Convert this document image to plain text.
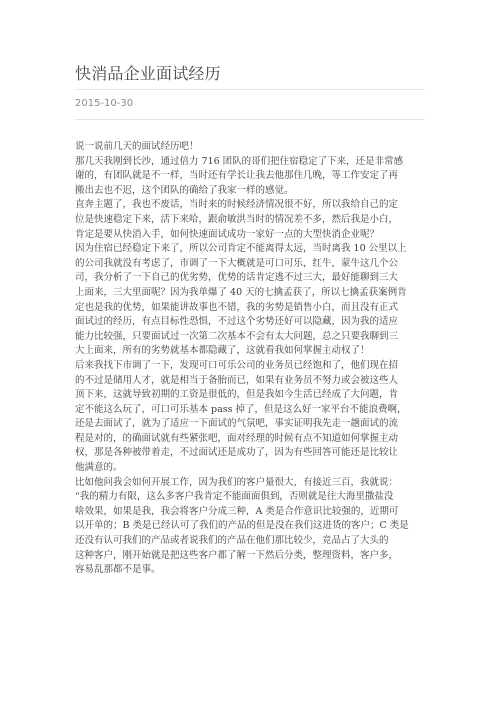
快消品企业面试经历
2015-10-30
说一说前几天的面试经历吧！
那几天我刚到长沙，通过倍力 716 团队的哥们把住宿稳定了下来，还是非常感
谢的，有团队就是不一样，当时还有学长让我去他那住几晚，等工作安定了再
搬出去也不迟，这个团队的确给了我家一样的感觉。
直奔主题了，我也不废话，当时来的时候经济情况很不好，所以我给自己的定
位是快速稳定下来，活下来哈，跟俞敏洪当时的情况差不多，然后我是小白，
肯定是要从快消入手，如何快速面试成功一家好一点的大型快消企业呢？
因为住宿已经稳定下来了，所以公司肯定不能离得太远，当时离我 10 公里以上
的公司我就没有考虑了，市调了一下大概就是可口可乐，红牛，蒙牛这几个公
司，我分析了一下自己的优劣势，优势的话肯定逃不过三大，最好能聊到三大
上面来，三大里面呢？因为我单爆了 40 天的七擒孟获了，所以七擒孟获案例肯
定也是我的优势，如果能讲故事也不错，我的劣势是销售小白，而且没有正式
面试过的经历，有点目标性恐惧，不过这个劣势还好可以隐藏，因为我的适应
能力比较强，只要面试过一次第二次基本不会有太大问题，总之只要我聊到三
大上面来，所有的劣势就基本都隐藏了，这就看我如何掌握主动权了！
后来我找下市调了一下，发现可口可乐公司的业务员已经饱和了，他们现在招
的不过是储用人才，就是相当于备胎而已，如果有业务员不努力或会被这些人
顶下来，这就导致初期的工资是很低的，但是我如今生活已经成了大问题，肯
定不能这么玩了，可口可乐基本 pass 掉了，但是这么好一家平台不能浪费啊，
还是去面试了，就为了适应一下面试的气氛吧，事实证明我先走一趟面试的流
程是对的，的确面试就有些紧张吧，面对经理的时候有点不知道如何掌握主动
权，那是各种被带着走，不过面试还是成功了，因为有些回答可能还是比较让
他满意的。
比如他问我会如何开展工作，因为我们的客户量很大，有接近三百，我就说：
“我的精力有限，这么多客户我肯定不能面面俱到，否则就是往大海里撒盐没
啥效果，如果是我，我会将客户分成三种，A 类是合作意识比较强的，近期可
以开单的；B 类是已经认可了我们的产品的但是没在我们这进货的客户；C 类是
还没有认可我们的产品或者说我们的产品在他们那比较少，竞品占了大头的
这种客户，刚开始就是把这些客户都了解一下然后分类，整理资料，客户多，
容易乱那都不是事。
